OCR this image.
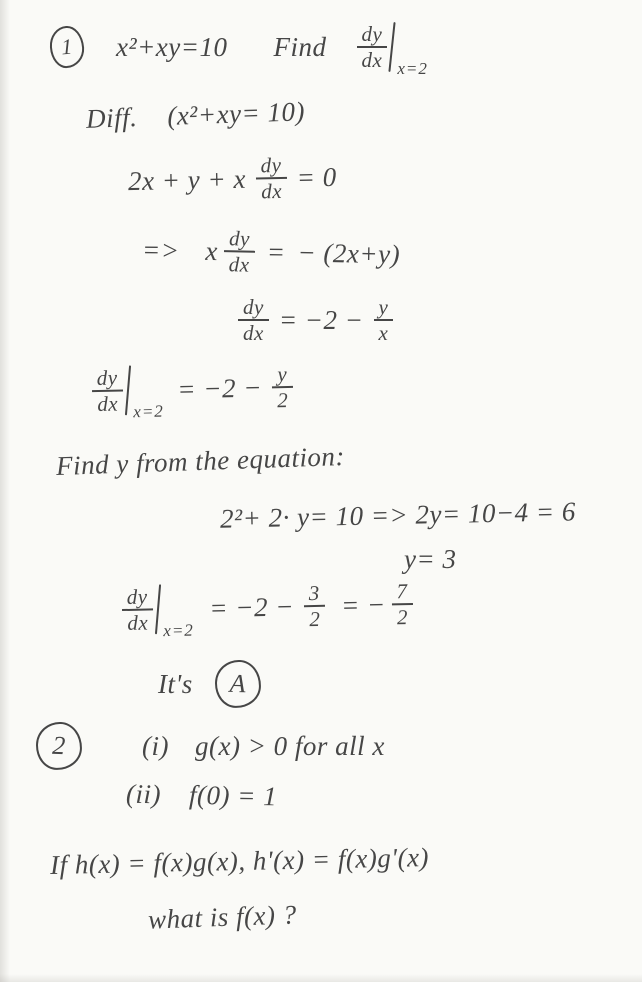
1 x²+xy=10 Find $\frac{dy}{dx} x=2$
Diff. (x²+xy= 10)
2x + y + x $\frac{dy}{dx} = 0$
=> x $\frac{dy}{dx}$ = − (2x+y)
$\frac{dy}{dx} = -2 - \frac{y}{x}$
$\frac{dy}{dx} x=2$
= $-2 - \frac{y}{2}$
Find y from the equation:
2²+ 2· y= 10 => 2y= 10−4 = 6
y= 3
$\frac{dy}{dx} x=2$
= $-2 - \frac{3}{2}$ = − $\frac{7}{2}$
It's A
2	(i) g(x) > 0 for all x
(ii) f(0) = 1
If h(x) = f(x)g(x), h'(x) = f(x)g'(x)
what is f(x) ?
